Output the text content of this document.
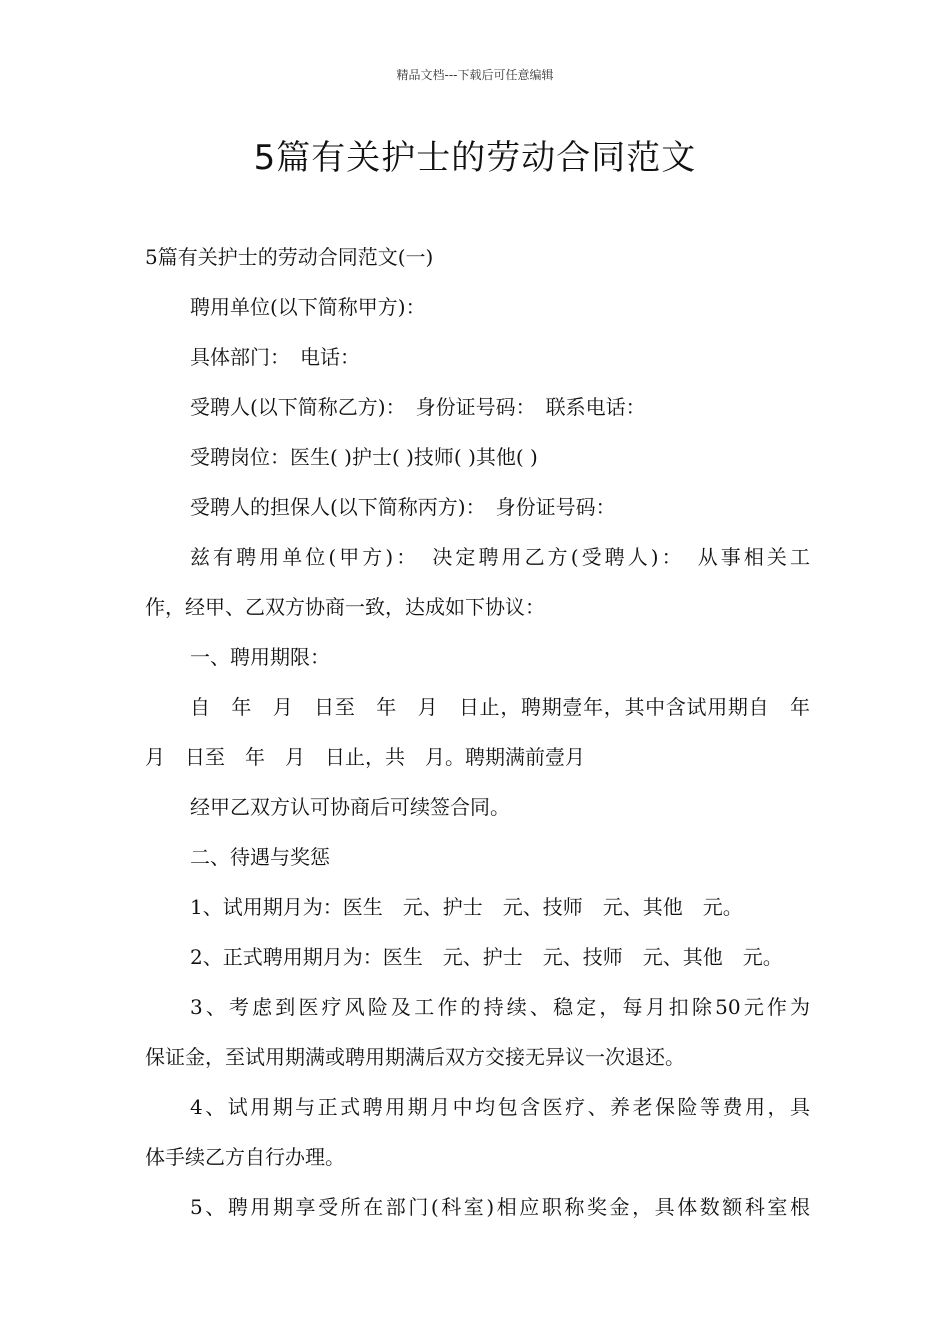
精品文档---下载后可任意编辑
5篇有关护士的劳动合同范文
5篇有关护士的劳动合同范文(一)
聘用单位(以下简称甲方)：
具体部门：　电话：
受聘人(以下简称乙方)：　身份证号码：　联系电话：
受聘岗位：医生( )护士( )技师( )其他( )
受聘人的担保人(以下简称丙方)：　身份证号码：
兹有聘用单位(甲方)：　决定聘用乙方(受聘人)：　从事相关工
作，经甲、乙双方协商一致，达成如下协议：
一、聘用期限：
自　年　月　日至　年　月　日止，聘期壹年，其中含试用期自　年
月　日至　年　月　日止，共　月。聘期满前壹月
经甲乙双方认可协商后可续签合同。
二、待遇与奖惩
1、试用期月为：医生　元、护士　元、技师　元、其他　元。
2、正式聘用期月为：医生　元、护士　元、技师　元、其他　元。
3、考虑到医疗风险及工作的持续、稳定，每月扣除50元作为
保证金，至试用期满或聘用期满后双方交接无异议一次退还。
4、试用期与正式聘用期月中均包含医疗、养老保险等费用，具
体手续乙方自行办理。
5、聘用期享受所在部门(科室)相应职称奖金，具体数额科室根
